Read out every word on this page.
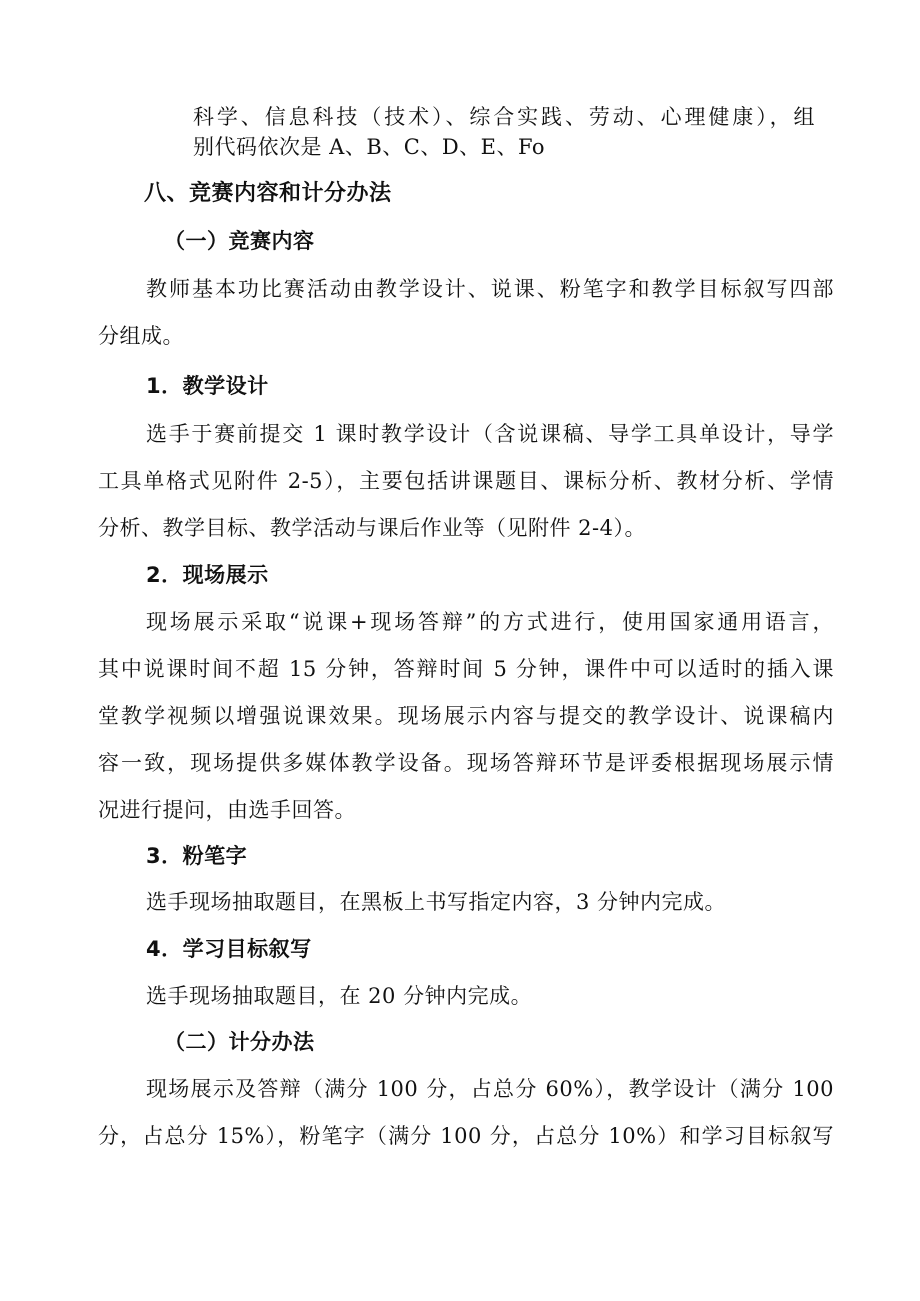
科学、信息科技（技术）、综合实践、劳动、心理健康），组
别代码依次是 A、B、C、D、E、Fo
八、竞赛内容和计分办法
（一）竞赛内容
教师基本功比赛活动由教学设计、说课、粉笔字和教学目标叙写四部
分组成。
1．教学设计
选手于赛前提交 1 课时教学设计（含说课稿、导学工具单设计，导学
工具单格式见附件 2-5），主要包括讲课题目、课标分析、教材分析、学情
分析、教学目标、教学活动与课后作业等（见附件 2-4）。
2．现场展示
现场展示采取“说课+现场答辩”的方式进行，使用国家通用语言，
其中说课时间不超 15 分钟，答辩时间 5 分钟，课件中可以适时的插入课
堂教学视频以增强说课效果。现场展示内容与提交的教学设计、说课稿内
容一致，现场提供多媒体教学设备。现场答辩环节是评委根据现场展示情
况进行提问，由选手回答。
3．粉笔字
选手现场抽取题目，在黑板上书写指定内容，3 分钟内完成。
4．学习目标叙写
选手现场抽取题目，在 20 分钟内完成。
（二）计分办法
现场展示及答辩（满分 100 分，占总分 60%），教学设计（满分 100
分，占总分 15%），粉笔字（满分 100 分，占总分 10%）和学习目标叙写
